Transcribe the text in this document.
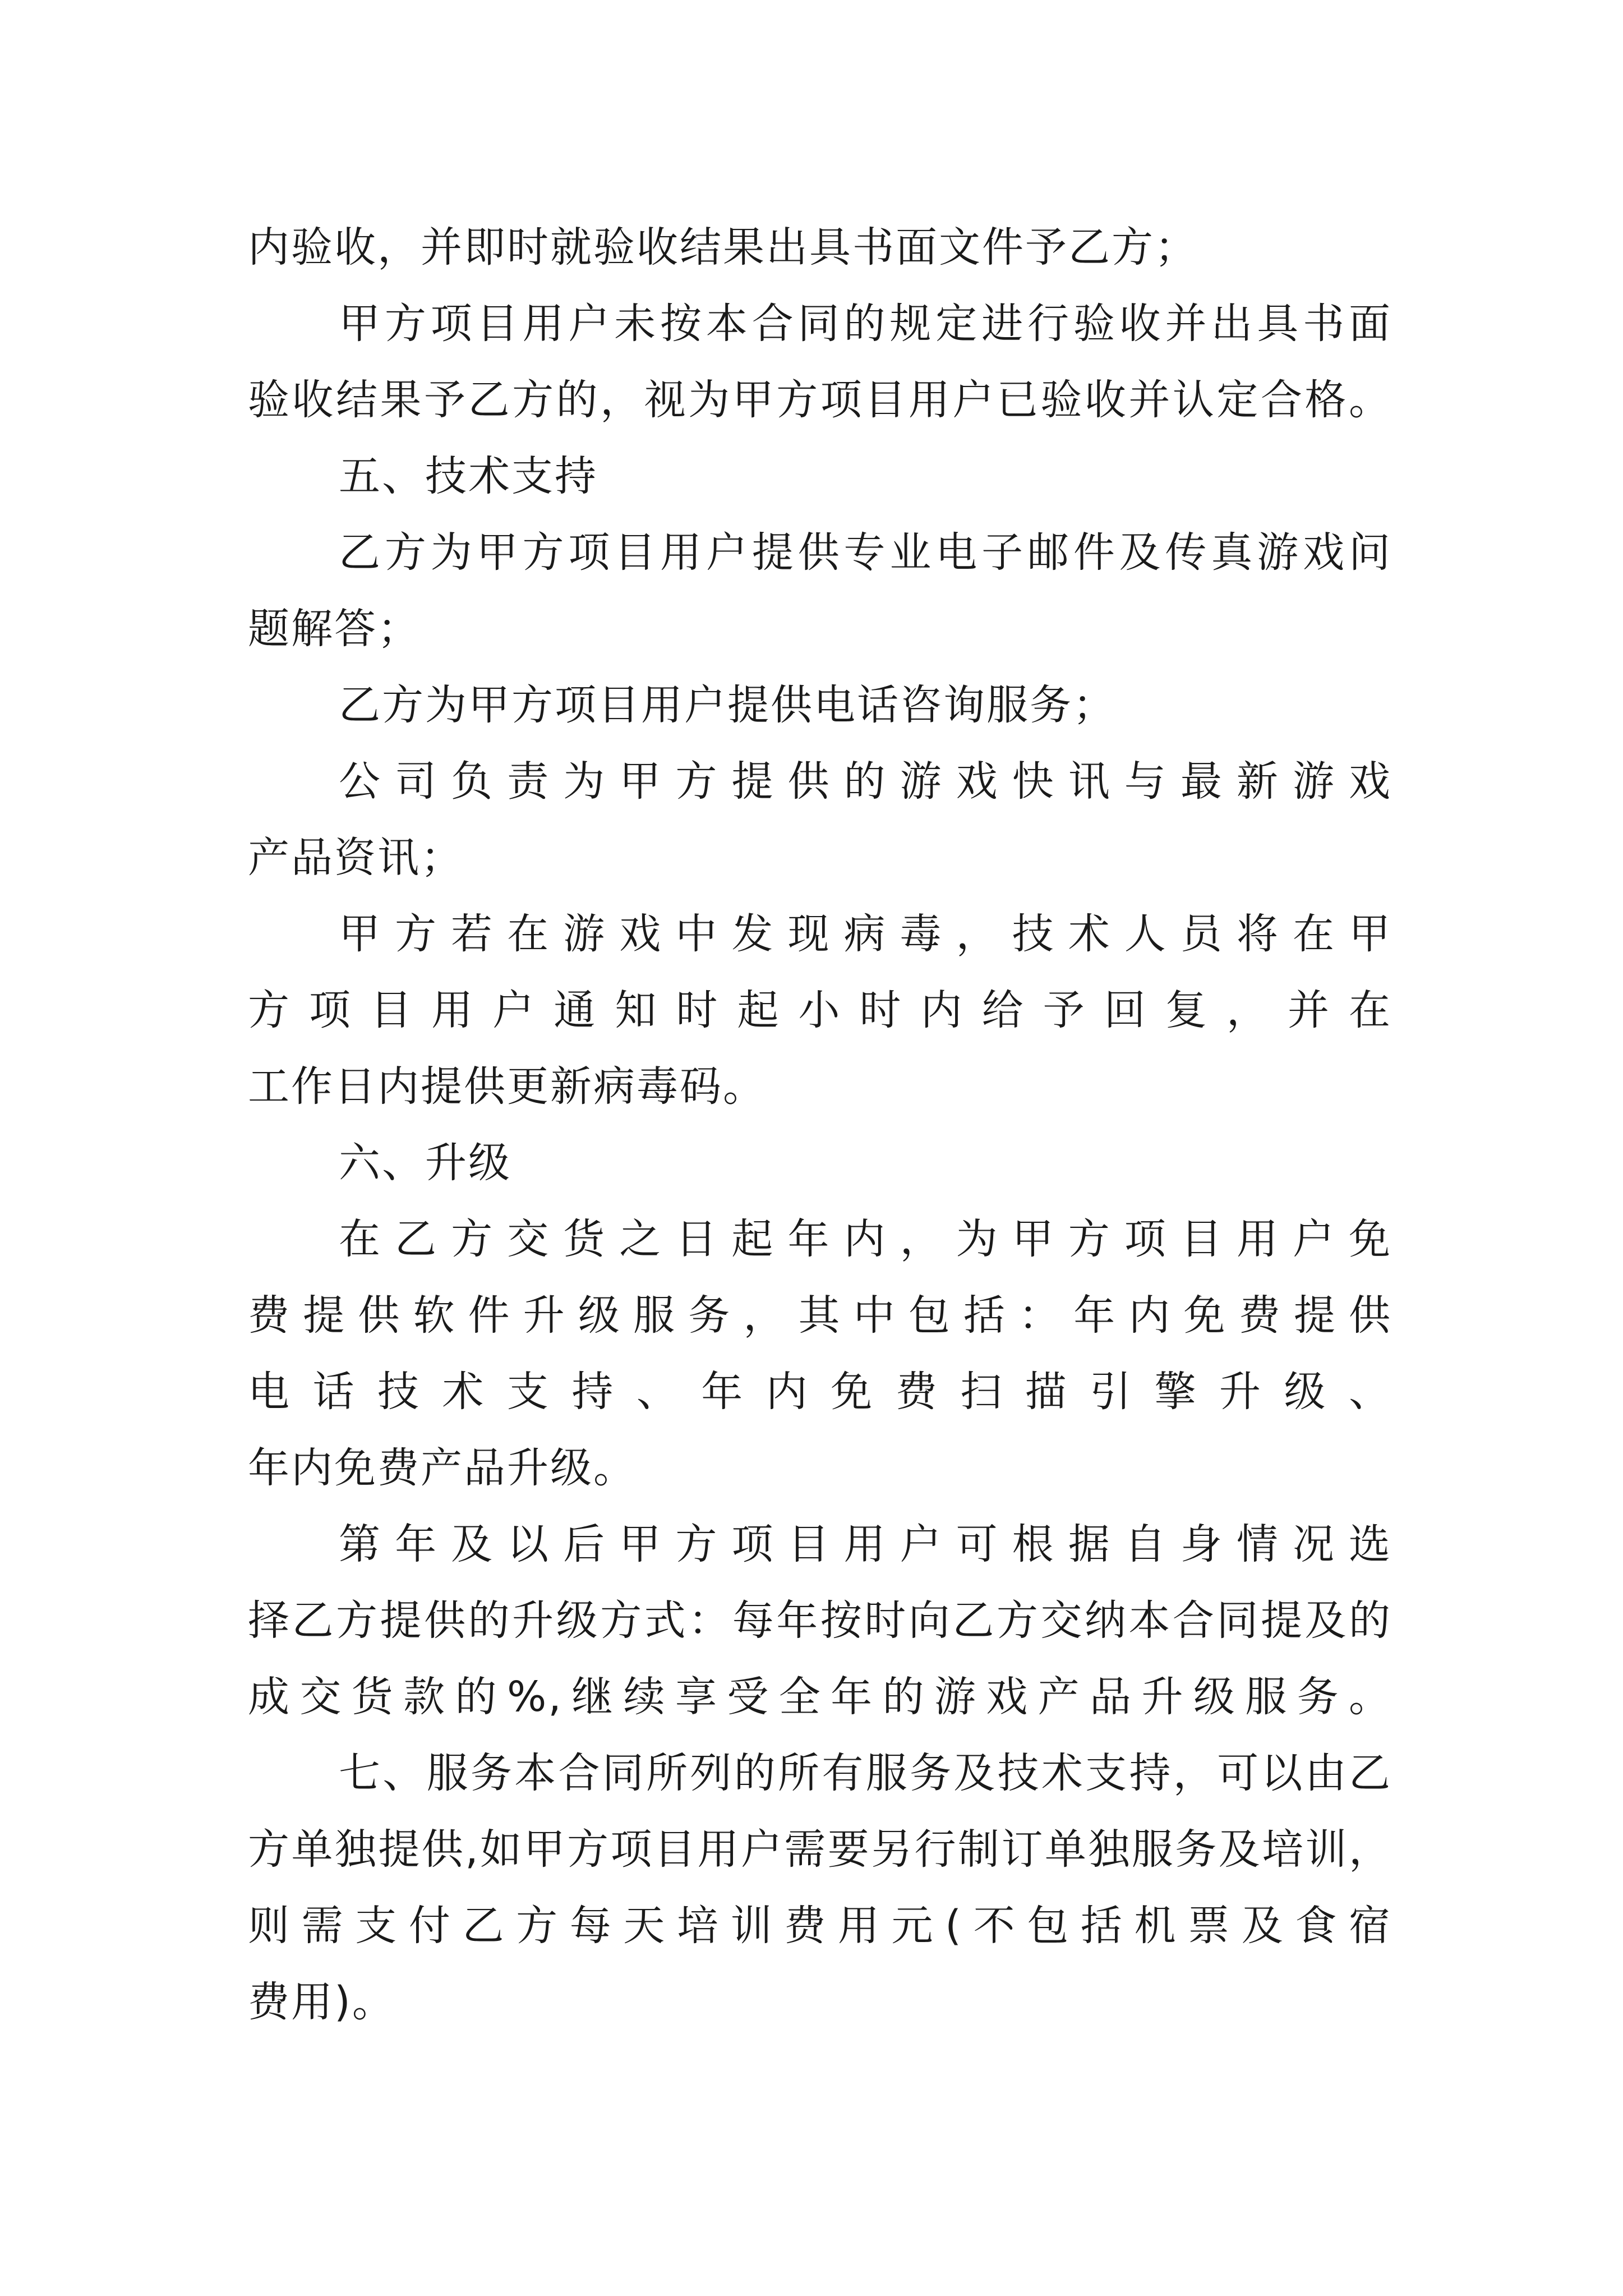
内验收，并即时就验收结果出具书面文件予乙方；
甲方项目用户未按本合同的规定进行验收并出具书面
验收结果予乙方的，视为甲方项目用户已验收并认定合格。
五、技术支持
乙方为甲方项目用户提供专业电子邮件及传真游戏问
题解答；
乙方为甲方项目用户提供电话咨询服务；
公司负责为甲方提供的游戏快讯与最新游戏
产品资讯；
甲方若在游戏中发现病毒，技术人员将在甲
方项目用户通知时起小时内给予回复，并在
工作日内提供更新病毒码。
六、升级
在乙方交货之日起年内，为甲方项目用户免
费提供软件升级服务，其中包括：年内免费提供
电话技术支持、年内免费扫描引擎升级、
年内免费产品升级。
第年及以后甲方项目用户可根据自身情况选
择乙方提供的升级方式：每年按时向乙方交纳本合同提及的
成交货款的%,继续享受全年的游戏产品升级服务。
七、服务本合同所列的所有服务及技术支持，可以由乙
方单独提供,如甲方项目用户需要另行制订单独服务及培训，
则需支付乙方每天培训费用元(不包括机票及食宿
费用)。
